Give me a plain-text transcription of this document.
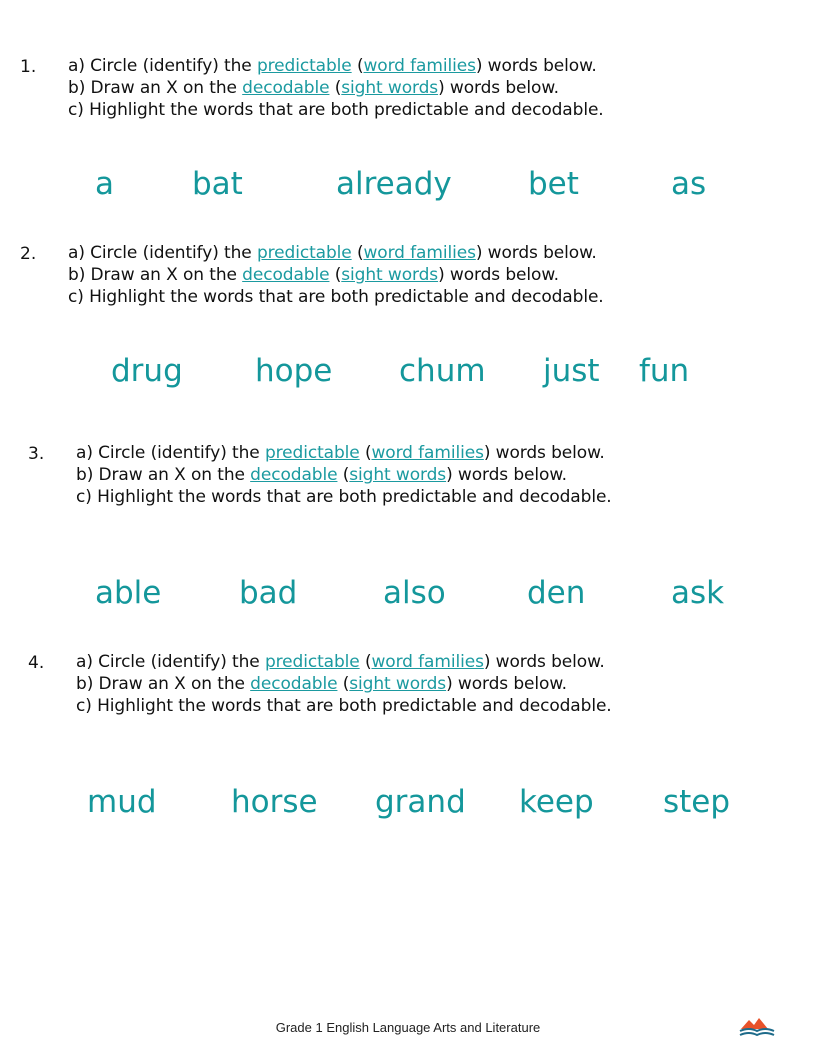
1. a) Circle (identify) the predictable (word families) words below.
b) Draw an X on the decodable (sight words) words below.
c) Highlight the words that are both predictable and decodable.
a	bat	already bet	as
2. a) Circle (identify) the predictable (word families) words below.
b) Draw an X on the decodable (sight words) words below.
c) Highlight the words that are both predictable and decodable.
drug hope chum just fun
3. a) Circle (identify) the predictable (word families) words below.
b) Draw an X on the decodable (sight words) words below.
c) Highlight the words that are both predictable and decodable.
able	bad	also	den	ask
4. a) Circle (identify) the predictable (word families) words below.
b) Draw an X on the decodable (sight words) words below.
c) Highlight the words that are both predictable and decodable.
mud horse grand keep step
Grade 1 English Language Arts and Literature
